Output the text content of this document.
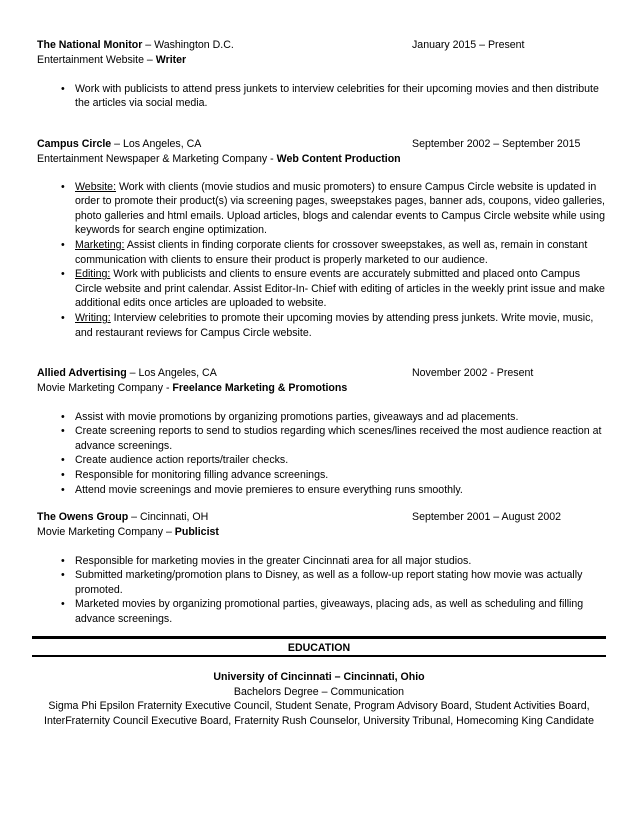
The National Monitor – Washington D.C.	January 2015 – Present
Entertainment Website – Writer
• Work with publicists to attend press junkets to interview celebrities for their upcoming movies and then distribute the articles via social media.
Campus Circle – Los Angeles, CA	September 2002 – September 2015
Entertainment Newspaper & Marketing Company - Web Content Production
• Website: Work with clients (movie studios and music promoters) to ensure Campus Circle website is updated in order to promote their product(s) via screening pages, sweepstakes pages, banner ads, coupons, video galleries, photo galleries and html emails. Upload articles, blogs and calendar events to Campus Circle website while using keywords for search engine optimization.
• Marketing: Assist clients in finding corporate clients for crossover sweepstakes, as well as, remain in constant communication with clients to ensure their product is properly marketed to our audience.
• Editing: Work with publicists and clients to ensure events are accurately submitted and placed onto Campus Circle website and print calendar. Assist Editor-In- Chief with editing of articles in the weekly print issue and make additional edits once articles are uploaded to website.
• Writing: Interview celebrities to promote their upcoming movies by attending press junkets. Write movie, music, and restaurant reviews for Campus Circle website.
Allied Advertising – Los Angeles, CA	November 2002 - Present
Movie Marketing Company - Freelance Marketing & Promotions
• Assist with movie promotions by organizing promotions parties, giveaways and ad placements.
• Create screening reports to send to studios regarding which scenes/lines received the most audience reaction at advance screenings.
• Create audience action reports/trailer checks.
• Responsible for monitoring filling advance screenings.
• Attend movie screenings and movie premieres to ensure everything runs smoothly.
The Owens Group – Cincinnati, OH	September 2001 – August 2002
Movie Marketing Company – Publicist
• Responsible for marketing movies in the greater Cincinnati area for all major studios.
• Submitted marketing/promotion plans to Disney, as well as a follow-up report stating how movie was actually promoted.
• Marketed movies by organizing promotional parties, giveaways, placing ads, as well as scheduling and filling advance screenings.
EDUCATION
University of Cincinnati – Cincinnati, Ohio
Bachelors Degree – Communication
Sigma Phi Epsilon Fraternity Executive Council, Student Senate, Program Advisory Board, Student Activities Board,
InterFraternity Council Executive Board, Fraternity Rush Counselor, University Tribunal, Homecoming King Candidate
